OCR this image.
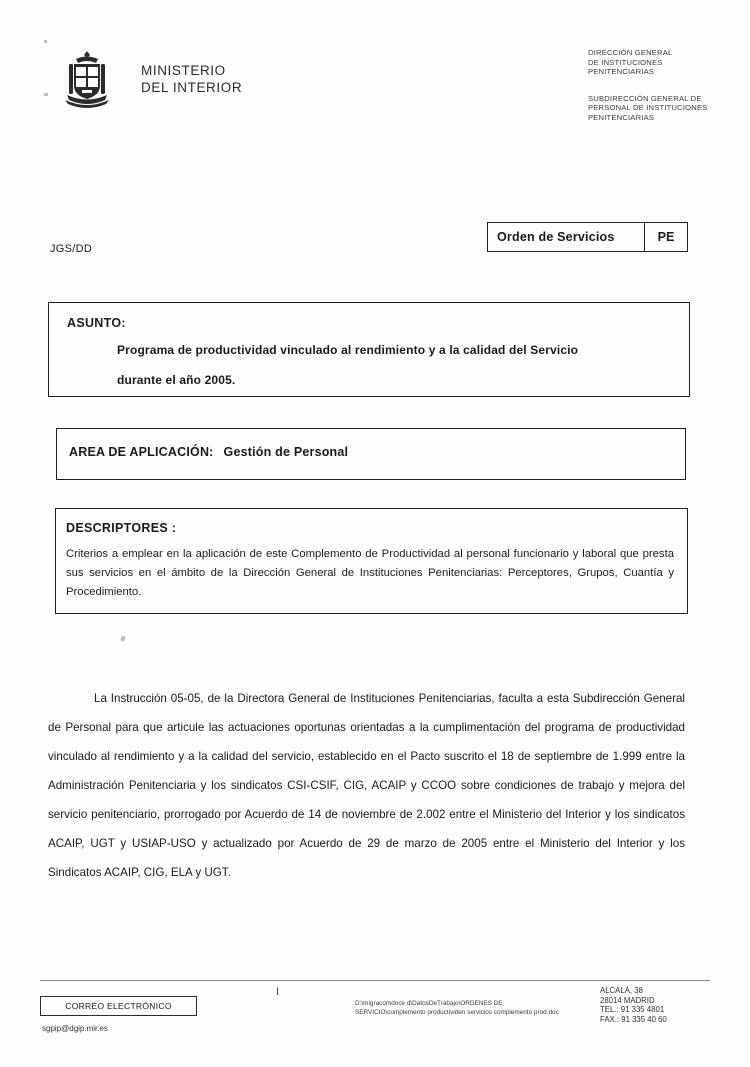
MINISTERIO
DEL INTERIOR
DIRECCIÓN GENERAL
DE INSTITUCIONES
PENITENCIARIAS
SUBDIRECCIÓN GENERAL DE
PERSONAL DE INSTITUCIONES
PENITENCIARIAS
Orden de Servicios	PE
JGS/DD
ASUNTO:
Programa de productividad vinculado al rendimiento y a la calidad del Servicio
durante el año 2005.
AREA DE APLICACIÓN: Gestión de Personal
DESCRIPTORES :
Criterios a emplear en la aplicación de este Complemento de Productividad al personal funcionario y laboral que presta sus servicios en el ámbito de la Dirección General de Instituciones Penitenciarias: Perceptores, Grupos, Cuantía y Procedimiento.
La Instrucción 05-05, de la Directora General de Instituciones Penitenciarias, faculta a esta Subdirección General de Personal para que articule las actuaciones oportunas orientadas a la cumplimentación del programa de productividad vinculado al rendimiento y a la calidad del servicio, establecido en el Pacto suscrito el 18 de septiembre de 1.999 entre la Administración Penitenciaria y los sindicatos CSI-CSIF, CIG, ACAIP y CCOO sobre condiciones de trabajo y mejora del servicio penitenciario, prorrogado por Acuerdo de 14 de noviembre de 2.002 entre el Ministerio del Interior y los sindicatos ACAIP, UGT y USIAP-USO y actualizado por Acuerdo de 29 de marzo de 2005 entre el Ministerio del Interior y los Sindicatos ACAIP, CIG, ELA y UGT.
CORREO ELECTRÓNICO
sgpip@dgip.mir.es
I
D:\migracomdoce d\DatosDeTrabajo\ORDENES DE SERVICIO\complemento productividen servicios complemento prod.doc
ALCALÁ, 38
28014 MADRID
TEL.: 91 335 4801
FAX.: 91 335 40 60
